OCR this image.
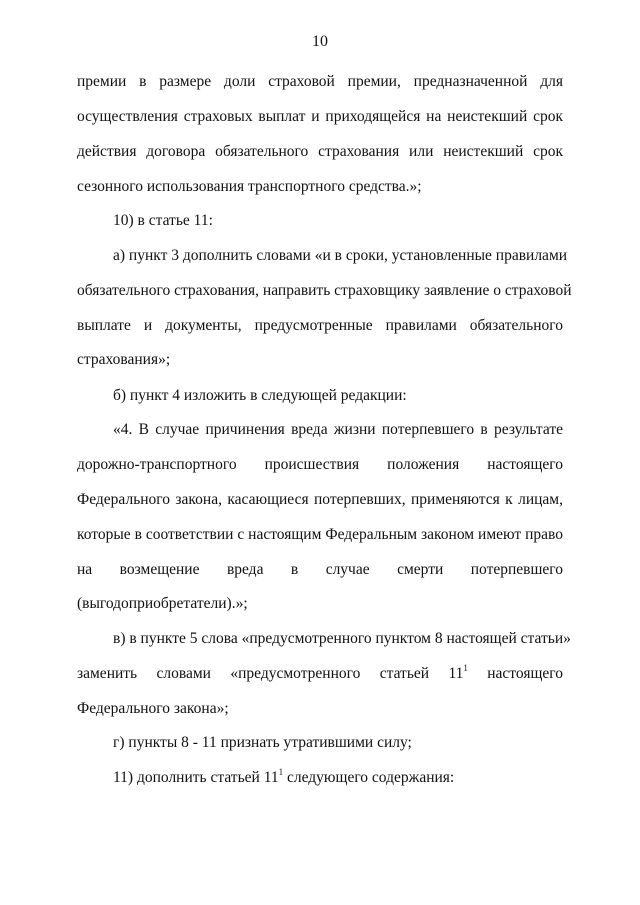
10
премии в размере доли страховой премии, предназначенной для
осуществления страховых выплат и приходящейся на неистекший срок
действия договора обязательного страхования или неистекший срок
сезонного использования транспортного средства.»;
10) в статье 11:
а) пункт 3 дополнить словами «и в сроки, установленные правилами
обязательного страхования, направить страховщику заявление о страховой
выплате и документы, предусмотренные правилами обязательного
страхования»;
б) пункт 4 изложить в следующей редакции:
«4. В случае причинения вреда жизни потерпевшего в результате
дорожно-транспортного происшествия положения настоящего
Федерального закона, касающиеся потерпевших, применяются к лицам,
которые в соответствии с настоящим Федеральным законом имеют право
на возмещение вреда в случае смерти потерпевшего
(выгодоприобретатели).»;
в) в пункте 5 слова «предусмотренного пунктом 8 настоящей статьи»
заменить словами «предусмотренного статьей $11^1$ настоящего
Федерального закона»;
г) пункты 8 - 11 признать утратившими силу;
11) дополнить статьей $11^1$ следующего содержания:
